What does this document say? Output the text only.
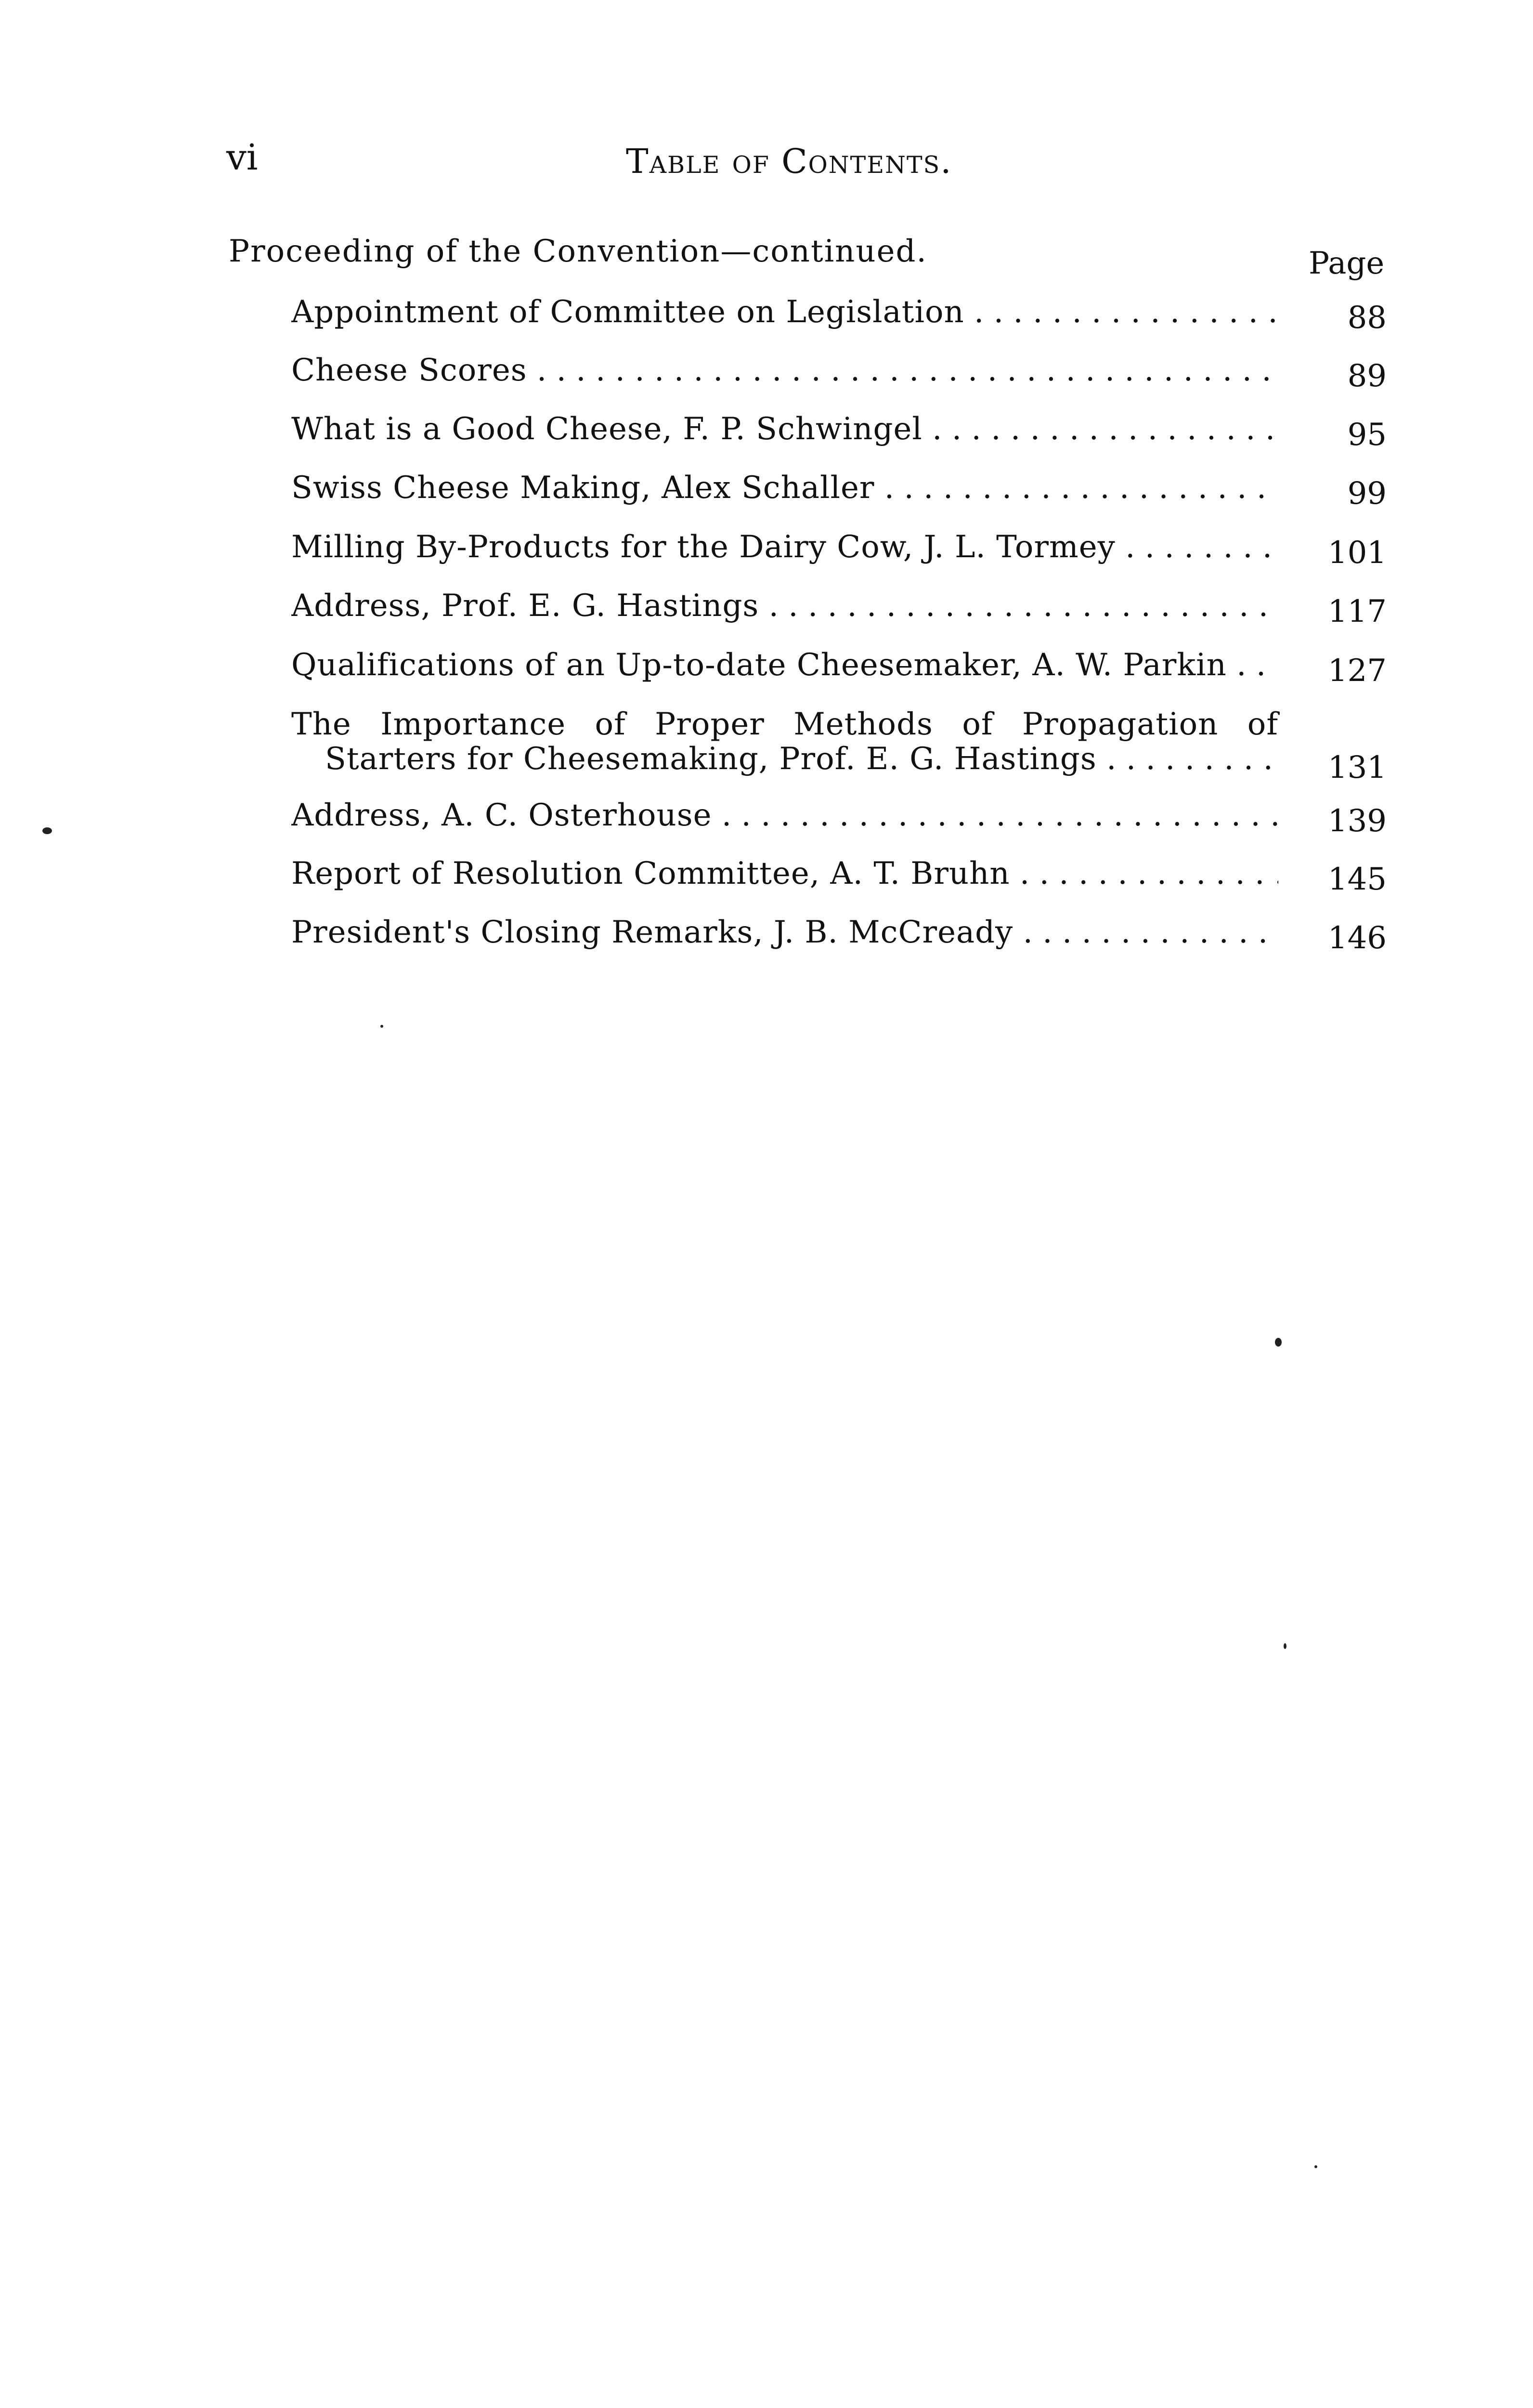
vi	Table of Contents.
Proceeding of the Convention—continued.	Page
Appointment of Committee on Legislation . . .	88
Cheese Scores . . .	89
What is a Good Cheese, F. P. Schwingel . . .	95
Swiss Cheese Making, Alex Schaller . . .	99
Milling By-Products for the Dairy Cow, J. L. Tormey . . .	101
Address, Prof. E. G. Hastings . . .	117
Qualifications of an Up-to-date Cheesemaker, A. W. Parkin . . .	127
The Importance of Proper Methods of Propagation of
Starters for Cheesemaking, Prof. E. G. Hastings . . .	131
Address, A. C. Osterhouse . . .	139
Report of Resolution Committee, A. T. Bruhn . . .	145
President's Closing Remarks, J. B. McCready . . .	146
